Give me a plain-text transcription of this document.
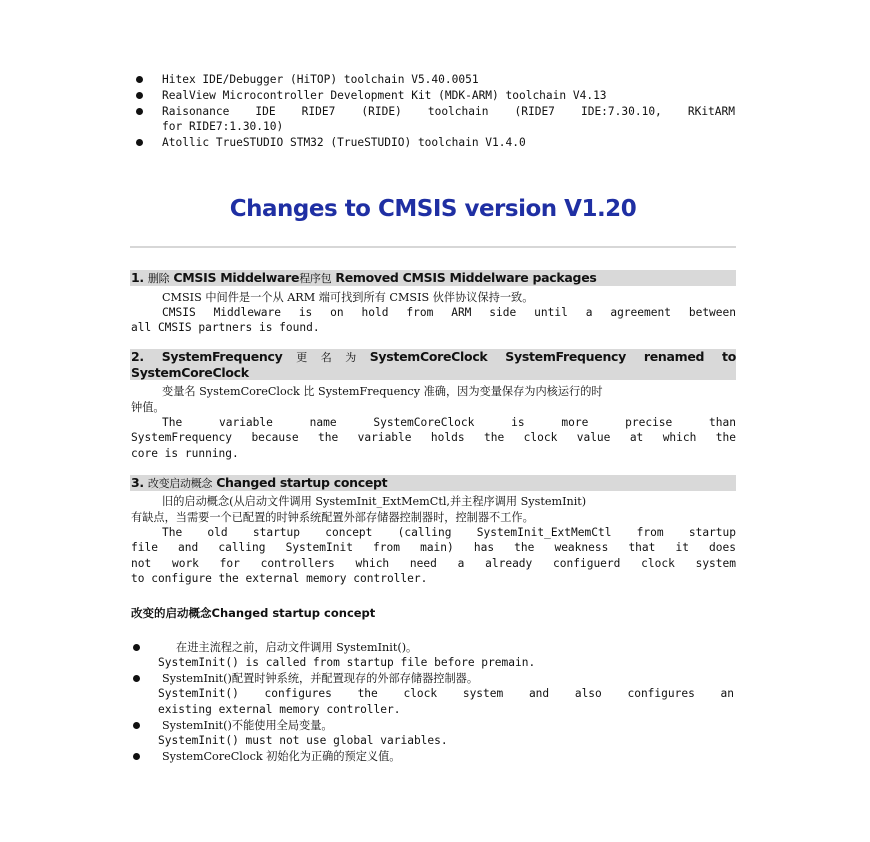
Hitex IDE/Debugger (HiTOP) toolchain V5.40.0051
RealView Microcontroller Development Kit (MDK-ARM) toolchain V4.13
Raisonance IDE RIDE7 (RIDE) toolchain (RIDE7 IDE:7.30.10, RKitARM
for RIDE7:1.30.10)
Atollic TrueSTUDIO STM32 (TrueSTUDIO) toolchain V1.4.0
Changes to CMSIS version V1.20
1. 删除 CMSIS Middelware程序包 Removed CMSIS Middelware packages
CMSIS 中间件是一个从 ARM 端可找到所有 CMSIS 伙伴协议保持一致。
CMSIS Middleware is on hold from ARM side until a agreement between
all CMSIS partners is found.
2. SystemFrequency更名为SystemCoreClock SystemFrequency renamed to
SystemCoreClock
变量名 SystemCoreClock 比 SystemFrequency 准确，因为变量保存为内核运行的时
钟值。
The variable name SystemCoreClock is more precise than
SystemFrequency because the variable holds the clock value at which the
core is running.
3. 改变启动概念 Changed startup concept
旧的启动概念(从启动文件调用 SystemInit_ExtMemCtl,并主程序调用 SystemInit)
有缺点，当需要一个已配置的时钟系统配置外部存储器控制器时，控制器不工作。
The old startup concept (calling SystemInit_ExtMemCtl from startup
file and calling SystemInit from main) has the weakness that it does
not work for controllers which need a already configuerd clock system
to configure the external memory controller.
改变的启动概念Changed startup concept
在进主流程之前，启动文件调用 SystemInit()。
SystemInit() is called from startup file before premain.
SystemInit()配置时钟系统，并配置现存的外部存储器控制器。
SystemInit() configures the clock system and also configures an
existing external memory controller.
SystemInit()不能使用全局变量。
SystemInit() must not use global variables.
SystemCoreClock 初始化为正确的预定义值。
